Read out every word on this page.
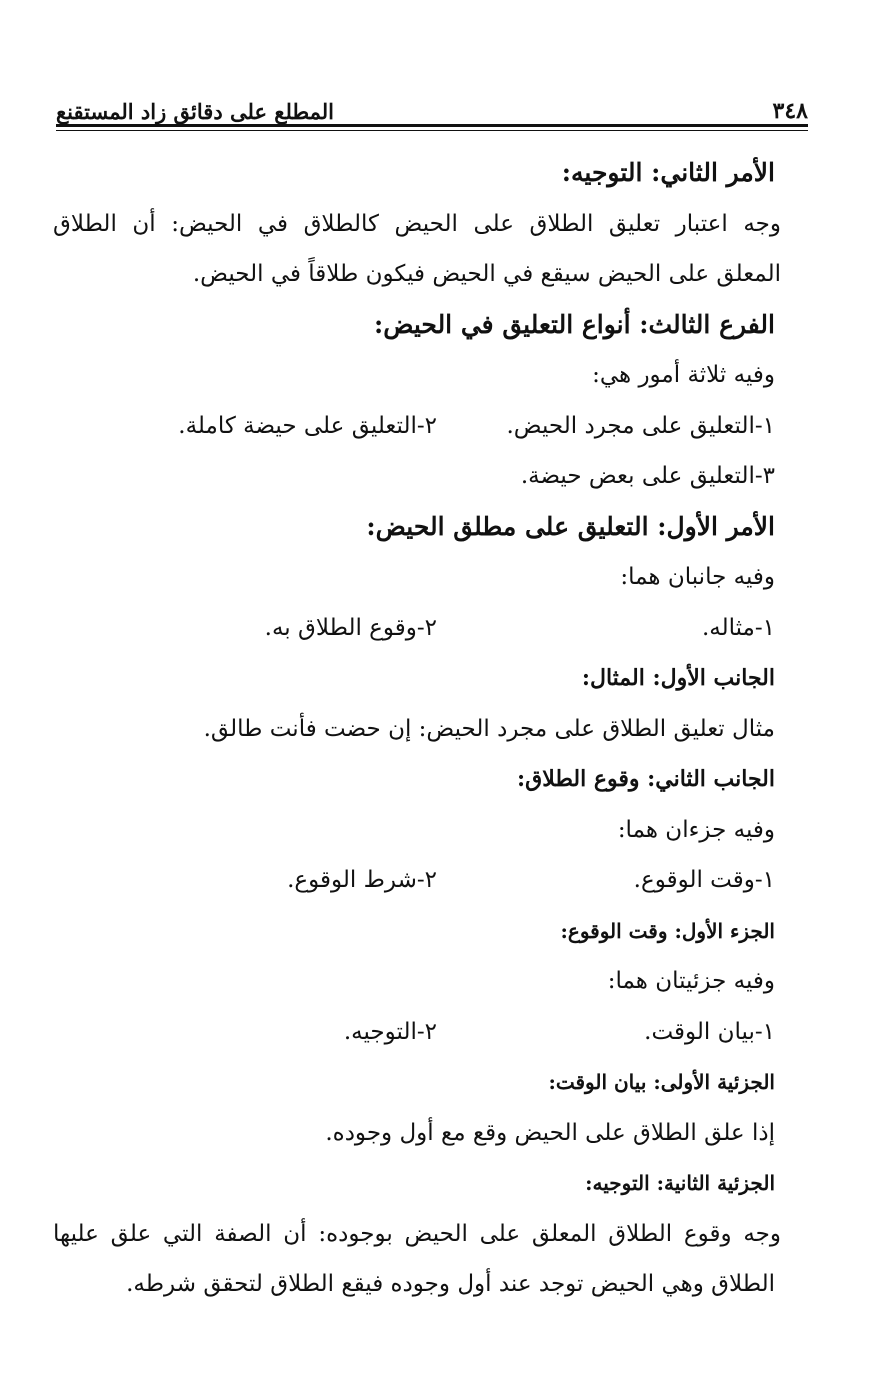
٣٤٨
المطلع على دقائق زاد المستقنع
الأمر الثاني: التوجيه:
وجه اعتبار تعليق الطلاق على الحيض كالطلاق في الحيض: أن الطلاق
المعلق على الحيض سيقع في الحيض فيكون طلاقاً في الحيض.
الفرع الثالث: أنواع التعليق في الحيض:
وفيه ثلاثة أمور هي:
١-التعليق على مجرد الحيض.
٢-التعليق على حيضة كاملة.
٣-التعليق على بعض حيضة.
الأمر الأول: التعليق على مطلق الحيض:
وفيه جانبان هما:
١-مثاله.
٢-وقوع الطلاق به.
الجانب الأول: المثال:
مثال تعليق الطلاق على مجرد الحيض: إن حضت فأنت طالق.
الجانب الثاني: وقوع الطلاق:
وفيه جزءان هما:
١-وقت الوقوع.
٢-شرط الوقوع.
الجزء الأول: وقت الوقوع:
وفيه جزئيتان هما:
١-بيان الوقت.
٢-التوجيه.
الجزئية الأولى: بيان الوقت:
إذا علق الطلاق على الحيض وقع مع أول وجوده.
الجزئية الثانية: التوجيه:
وجه وقوع الطلاق المعلق على الحيض بوجوده: أن الصفة التي علق عليها
الطلاق وهي الحيض توجد عند أول وجوده فيقع الطلاق لتحقق شرطه.
